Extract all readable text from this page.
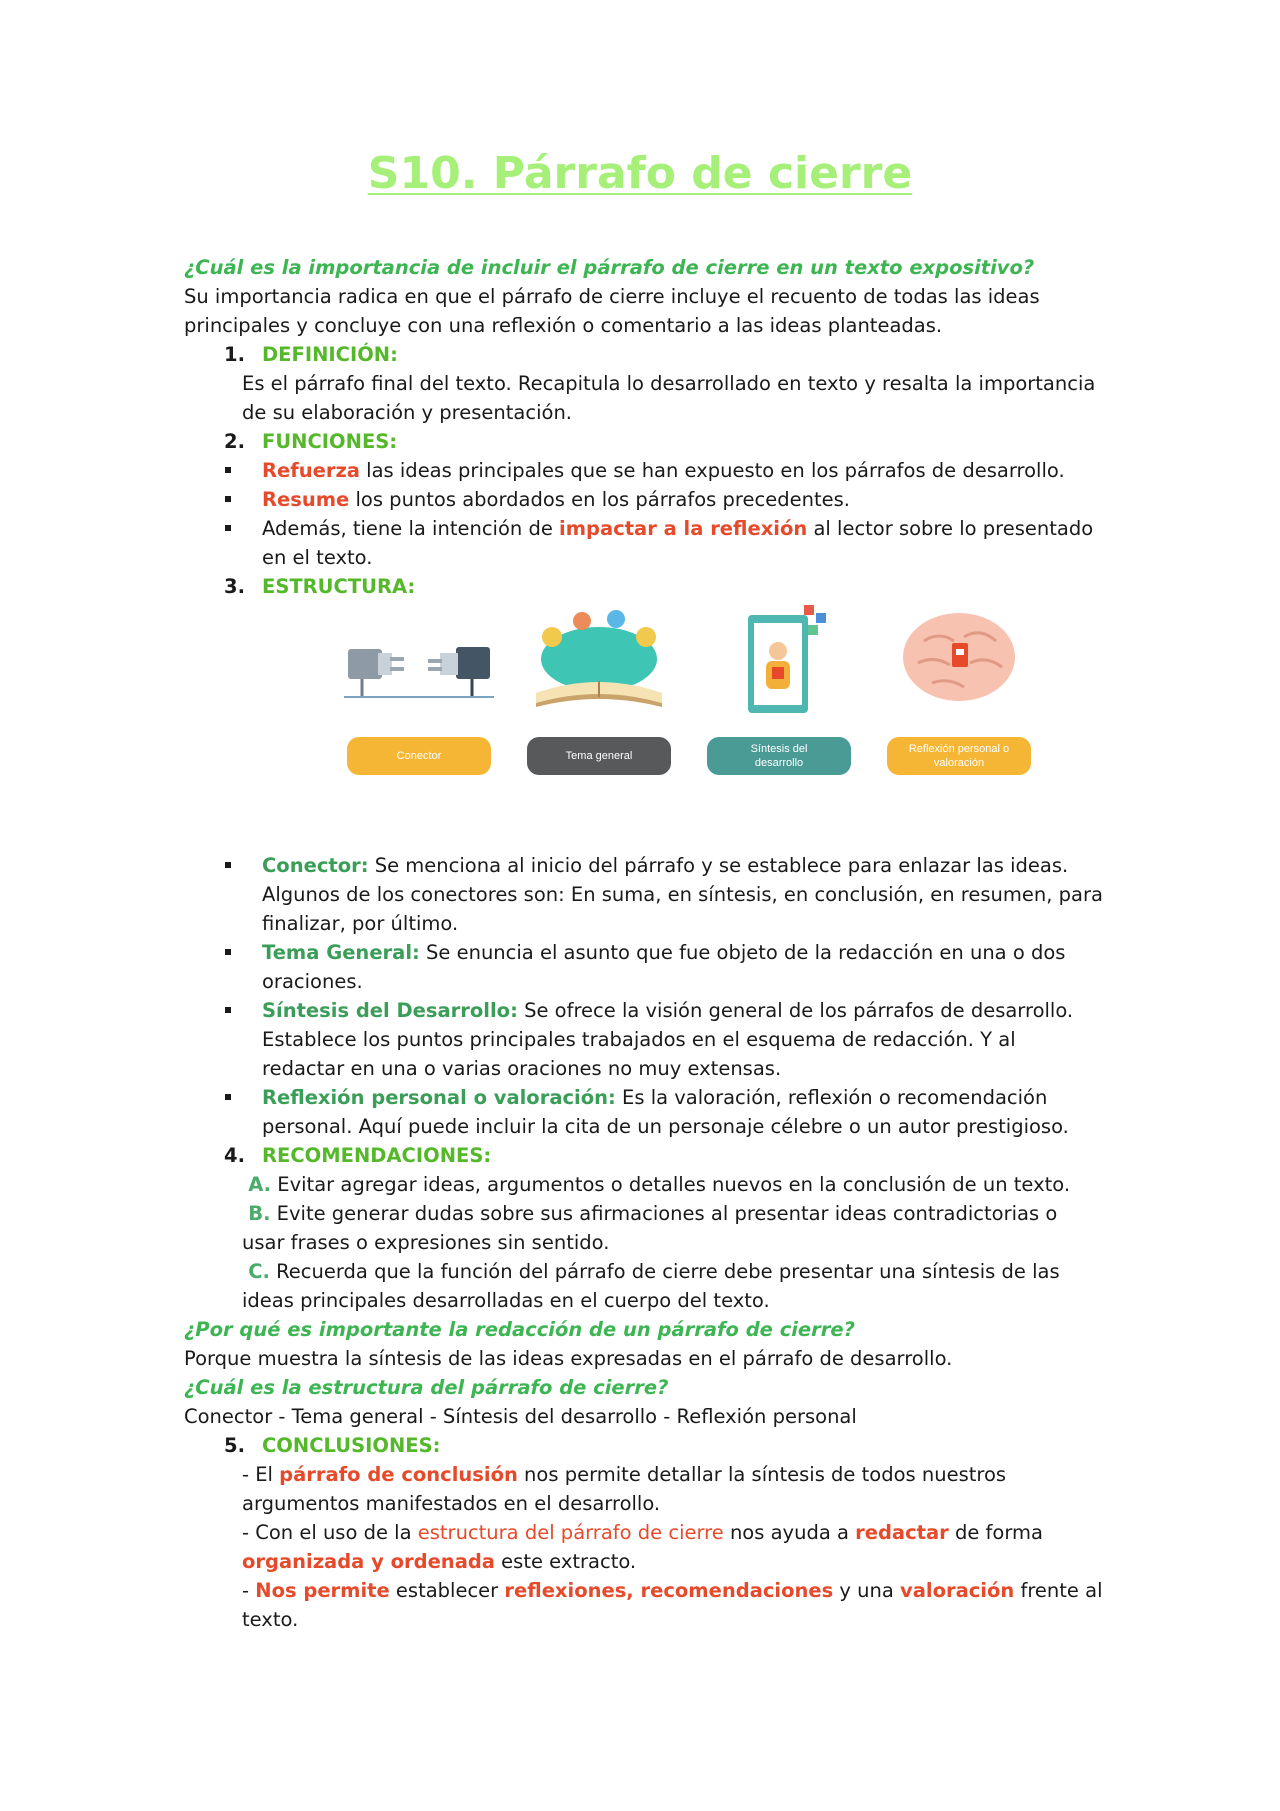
S10. Párrafo de cierre

¿Cuál es la importancia de incluir el párrafo de cierre en un texto expositivo?

Su importancia radica en que el párrafo de cierre incluye el recuento de todas las ideas principales y concluye con una reflexión o comentario a las ideas planteadas.

1. DEFINICIÓN:

Es el párrafo final del texto. Recapitula lo desarrollado en texto y resalta la importancia de su elaboración y presentación.

2. FUNCIONES:
Refuerza las ideas principales que se han expuesto en los párrafos de desarrollo.
Resume los puntos abordados en los párrafos precedentes.
Además, tiene la intención de impactar a la reflexión al lector sobre lo presentado en el texto.
3. ESTRUCTURA:
Conector	Tema general
Síntesis del desarrollo
Reflexión personal o valoración
Conector: Se menciona al inicio del párrafo y se establece para enlazar las ideas. Algunos de los conectores son: En suma, en síntesis, en conclusión, en resumen, para finalizar, por último.
Tema General: Se enuncia el asunto que fue objeto de la redacción en una o dos oraciones.
Síntesis del Desarrollo: Se ofrece la visión general de los párrafos de desarrollo. Establece los puntos principales trabajados en el esquema de redacción. Y al redactar en una o varias oraciones no muy extensas.
Reflexión personal o valoración: Es la valoración, reflexión o recomendación personal. Aquí puede incluir la cita de un personaje célebre o un autor prestigioso.
4. RECOMENDACIONES:

A. Evitar agregar ideas, argumentos o detalles nuevos en la conclusión de un texto.

B. Evite generar dudas sobre sus afirmaciones al presentar ideas contradictorias o usar frases o expresiones sin sentido.

C. Recuerda que la función del párrafo de cierre debe presentar una síntesis de las ideas principales desarrolladas en el cuerpo del texto.

¿Por qué es importante la redacción de un párrafo de cierre?

Porque muestra la síntesis de las ideas expresadas en el párrafo de desarrollo.

¿Cuál es la estructura del párrafo de cierre?

Conector - Tema general - Síntesis del desarrollo - Reflexión personal

5. CONCLUSIONES:

- El párrafo de conclusión nos permite detallar la síntesis de todos nuestros argumentos manifestados en el desarrollo.

- Con el uso de la estructura del párrafo de cierre nos ayuda a redactar de forma organizada y ordenada este extracto.

- Nos permite establecer reflexiones, recomendaciones y una valoración frente al texto.
